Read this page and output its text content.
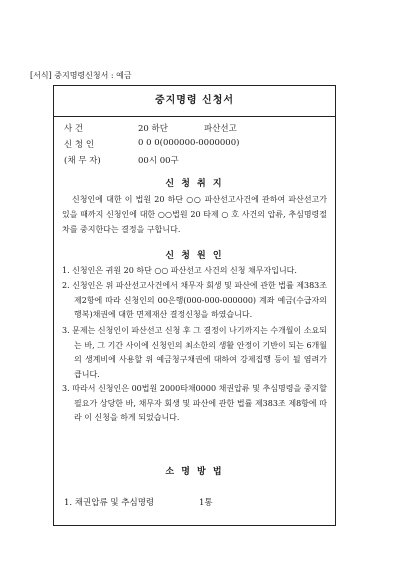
[서식] 중지명령신청서 : 예금
중지명령 신청서
사 건	20 하단	파산선고
신 청 인	0 0 0(000000-0000000)
(채 무 자)	00시 00구
신 청 취 지
신청인에 대한 이 법원 20 하단 ○○ 파산선고사건에 관하여 파산선고가 있을 때까지 신청인에 대한 ○○법원 20 타제 ○ 호 사건의 압류, 추심명령절차를 중지한다는 결정을 구합니다.
신 청 원 인
1. 신청인은 귀원 20 하단 ○○ 파산선고 사건의 신청 채무자입니다.
2. 신청인은 위 파산선고사건에서 채무자 회생 및 파산에 관한 법률 제383조 제2항에 따라 신청인의 00은행(000-000-000000) 계좌 예금(수급자의 행복)채권에 대한 면제재산 결정신청을 하였습니다.
3. 문제는 신청인이 파산선고 신청 후 그 결정이 나기까지는 수개월이 소요되는 바, 그 기간 사이에 신청인의 최소한의 생활 안정이 기반이 되는 6개월의 생계비에 사용할 위 예금청구채권에 대하여 강제집행 등이 될 염려가 큽니다.
3. 따라서 신청인은 00법원 2000타채0000 채권압류 및 추심명령을 중지할 필요가 상당한 바, 채무자 회생 및 파산에 관한 법률 제383조 제8항에 따라 이 신청을 하게 되었습니다.
소 명 방 법
1. 채권압류 및 추심명령	1통
